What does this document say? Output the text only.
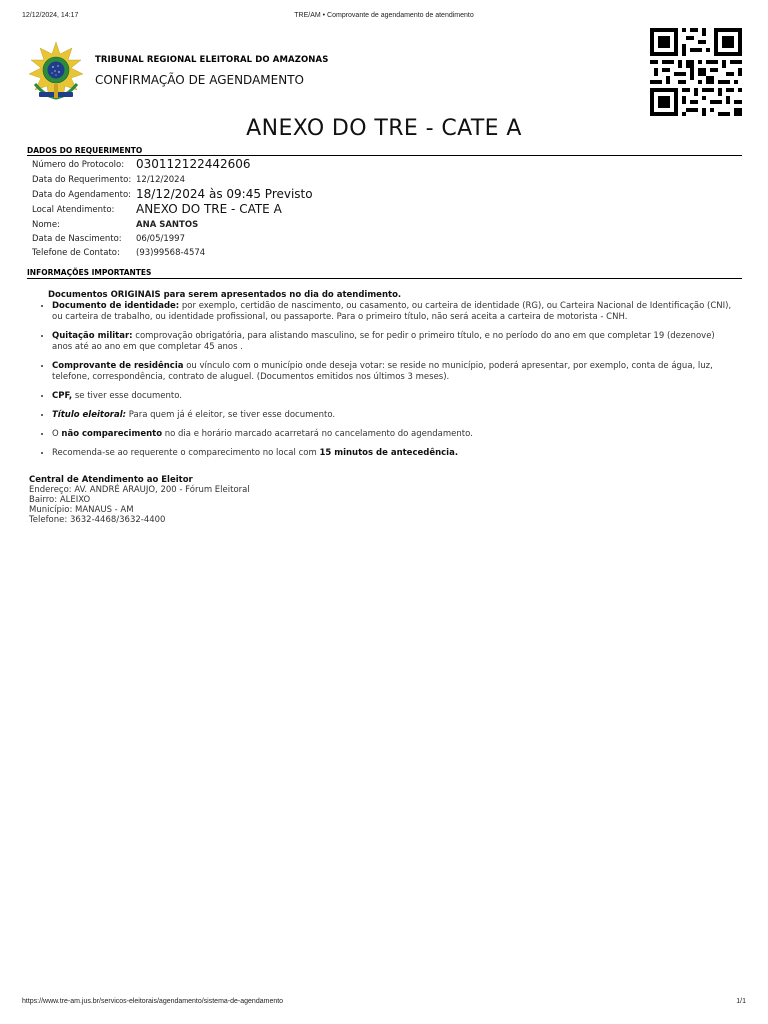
12/12/2024, 14:17	TRE/AM • Comprovante de agendamento de atendimento
TRIBUNAL REGIONAL ELEITORAL DO AMAZONAS
CONFIRMAÇÃO DE AGENDAMENTO
ANEXO DO TRE - CATE A
DADOS DO REQUERIMENTO
Número do Protocolo: 030112122442606
Data do Requerimento: 12/12/2024
Data do Agendamento: 18/12/2024 às 09:45 Previsto
Local Atendimento:	ANEXO DO TRE - CATE A
Nome:	ANA SANTOS
Data de Nascimento:	06/05/1997
Telefone de Contato:	(93)99568-4574
INFORMAÇÕES IMPORTANTES
Documentos ORIGINAIS para serem apresentados no dia do atendimento.
• Documento de identidade: por exemplo, certidão de nascimento, ou casamento, ou carteira de identidade (RG), ou Carteira Nacional de Identificação (CNI), ou carteira de trabalho, ou identidade profissional, ou passaporte. Para o primeiro título, não será aceita a carteira de motorista - CNH.
• Quitação militar: comprovação obrigatória, para alistando masculino, se for pedir o primeiro título, e no período do ano em que completar 19 (dezenove) anos até ao ano em que completar 45 anos .
• Comprovante de residência ou vínculo com o município onde deseja votar: se reside no município, poderá apresentar, por exemplo, conta de água, luz, telefone, correspondência, contrato de aluguel. (Documentos emitidos nos últimos 3 meses).
• CPF, se tiver esse documento.
• Título eleitoral: Para quem já é eleitor, se tiver esse documento.
• O não comparecimento no dia e horário marcado acarretará no cancelamento do agendamento.
• Recomenda-se ao requerente o comparecimento no local com 15 minutos de antecedência.
Central de Atendimento ao Eleitor
Endereço: AV. ANDRÉ ARAUJO, 200 - Fórum Eleitoral
Bairro: ALEIXO
Município: MANAUS - AM
Telefone: 3632-4468/3632-4400
https://www.tre-am.jus.br/servicos-eleitorais/agendamento/sistema-de-agendamento	1/1
